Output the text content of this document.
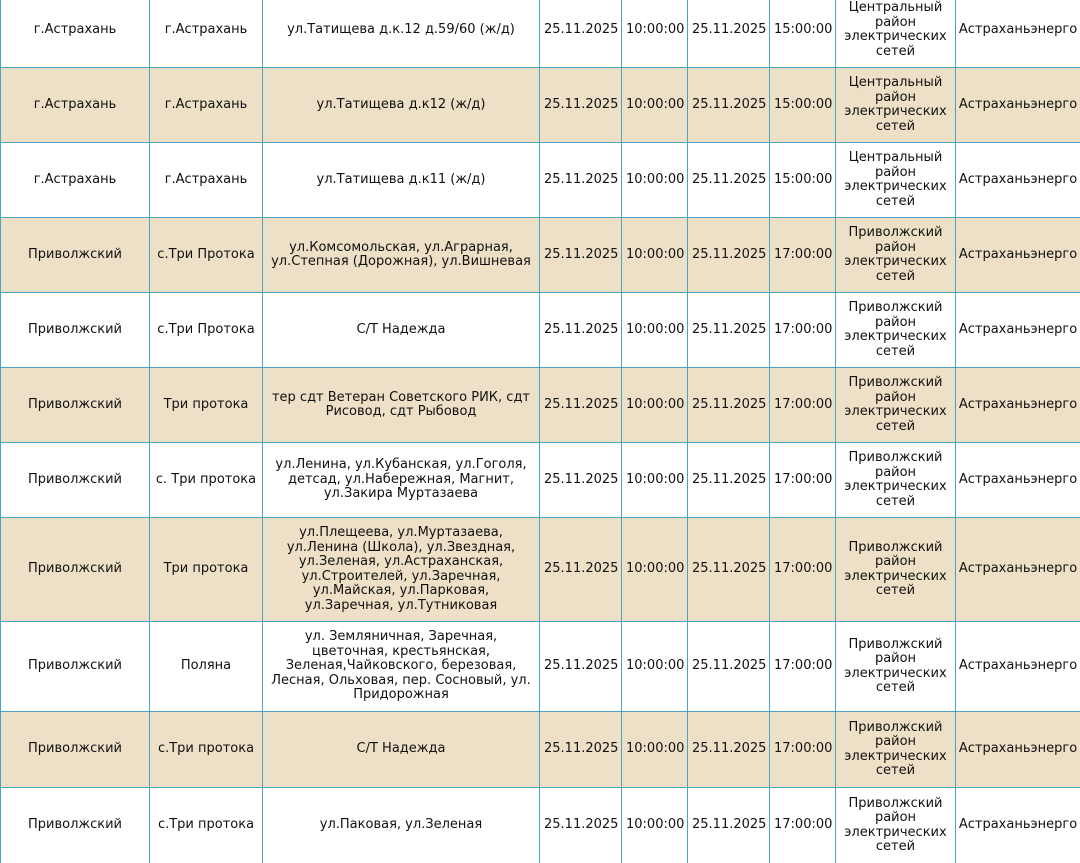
г.Астрахань	г.Астрахань	ул.Татищева д.к.12 д.59/60 (ж/д)	25.11.2025	10:00:00	25.11.2025	15:00:00	Центральный район электрических сетей	Астраханьэнерго
г.Астрахань	г.Астрахань	ул.Татищева д.к12 (ж/д)	25.11.2025	10:00:00	25.11.2025	15:00:00	Центральный район электрических сетей	Астраханьэнерго
г.Астрахань	г.Астрахань	ул.Татищева д.к11 (ж/д)	25.11.2025	10:00:00	25.11.2025	15:00:00	Центральный район электрических сетей	Астраханьэнерго
Приволжский	с.Три Протока	ул.Комсомольская, ул.Аграрная, ул.Степная (Дорожная), ул.Вишневая	25.11.2025	10:00:00	25.11.2025	17:00:00	Приволжский район электрических сетей	Астраханьэнерго
Приволжский	с.Три Протока	С/Т Надежда	25.11.2025	10:00:00	25.11.2025	17:00:00	Приволжский район электрических сетей	Астраханьэнерго
Приволжский	Три протока	тер сдт Ветеран Советского РИК, сдт Рисовод, сдт Рыбовод	25.11.2025	10:00:00	25.11.2025	17:00:00	Приволжский район электрических сетей	Астраханьэнерго
Приволжский	с. Три протока	ул.Ленина, ул.Кубанская, ул.Гоголя, детсад, ул.Набережная, Магнит, ул.Закира Муртазаева	25.11.2025	10:00:00	25.11.2025	17:00:00	Приволжский район электрических сетей	Астраханьэнерго
Приволжский	Три протока	ул.Плещеева, ул.Муртазаева, ул.Ленина (Школа), ул.Звездная, ул.Зеленая, ул.Астраханская, ул.Строителей, ул.Заречная, ул.Майская, ул.Парковая, ул.Заречная, ул.Тутниковая	25.11.2025	10:00:00	25.11.2025	17:00:00	Приволжский район электрических сетей	Астраханьэнерго
Приволжский	Поляна	ул. Земляничная, Заречная, цветочная, крестьянская, Зеленая,Чайковского, березовая, Лесная, Ольховая, пер. Сосновый, ул. Придорожная	25.11.2025	10:00:00	25.11.2025	17:00:00	Приволжский район электрических сетей	Астраханьэнерго
Приволжский	с.Три протока	С/Т Надежда	25.11.2025	10:00:00	25.11.2025	17:00:00	Приволжский район электрических сетей	Астраханьэнерго
Приволжский	с.Три протока	ул.Паковая, ул.Зеленая	25.11.2025	10:00:00	25.11.2025	17:00:00	Приволжский район электрических сетей	Астраханьэнерго
